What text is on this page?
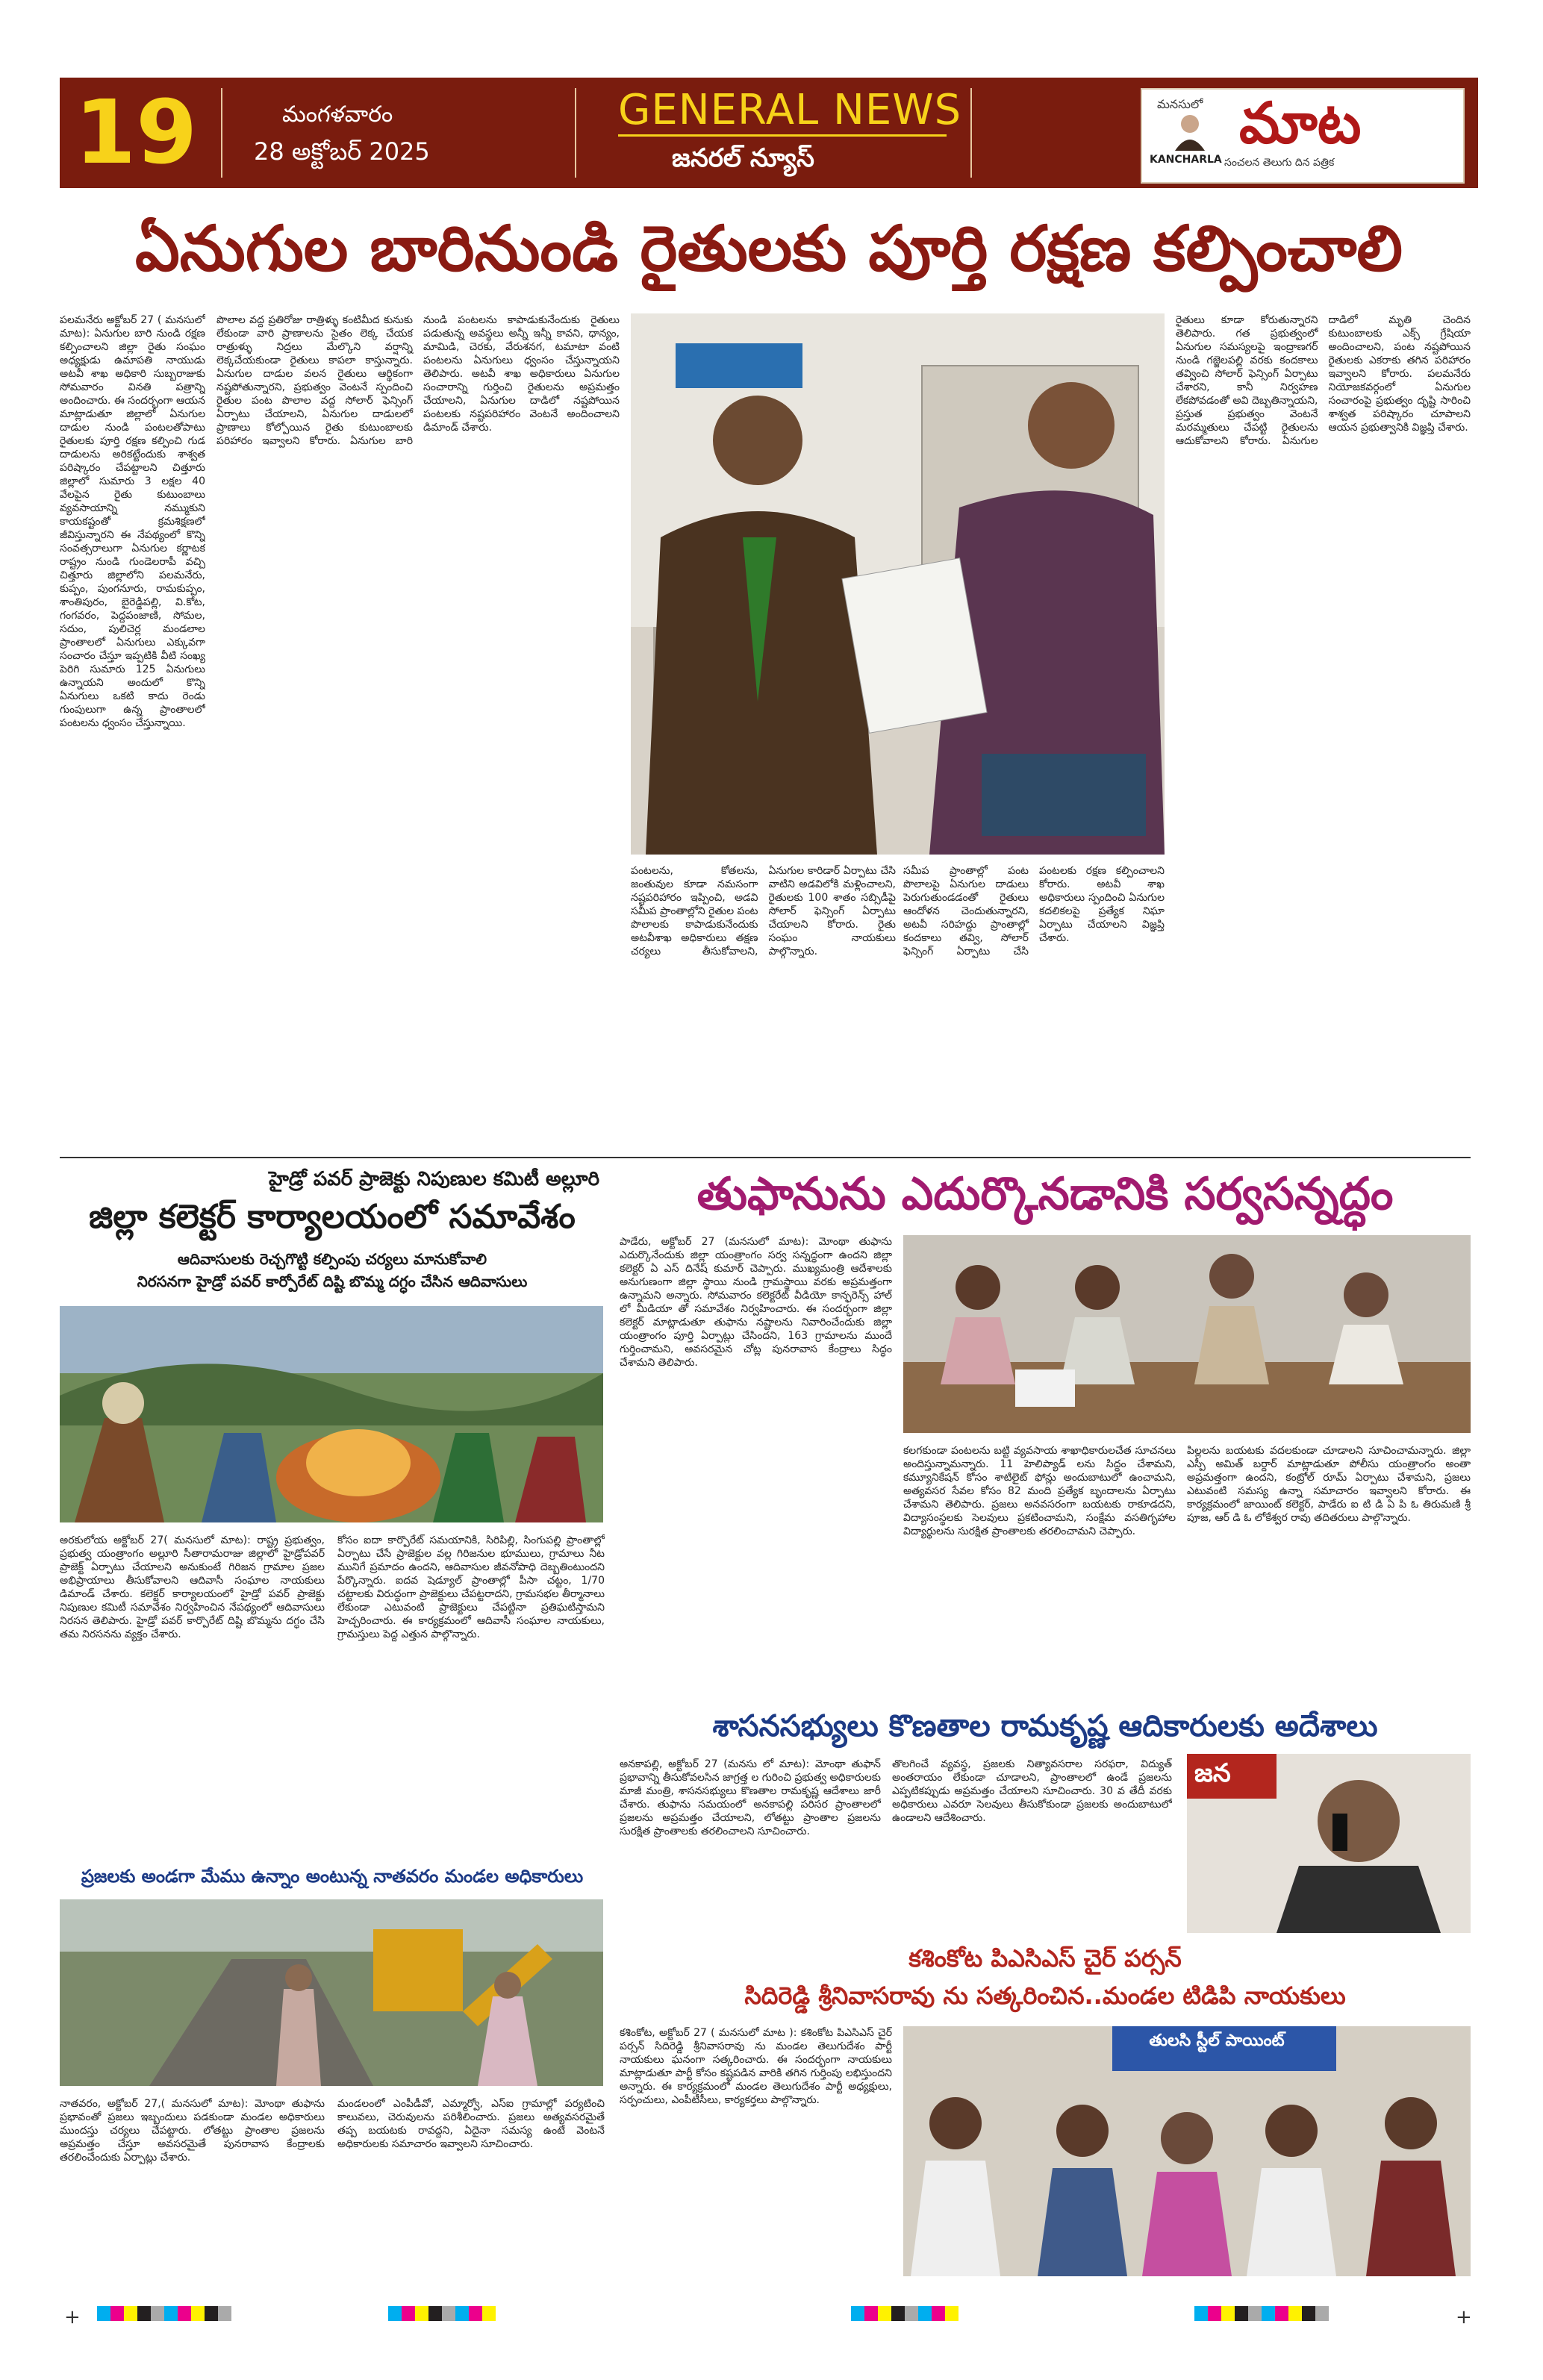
19	మంగళవారం
28 అక్టోబర్ 2025
GENERAL NEWS
జనరల్ న్యూస్
మనసులో మాట
KANCHARLA సంచలన తెలుగు దిన పత్రిక
ఏనుగుల బారినుండి రైతులకు పూర్తి రక్షణ కల్పించాలి
పలమనేరు అక్టోబర్ 27 ( మనసులో మాట): ఏనుగుల బారి నుండి రక్షణ కల్పించాలని జిల్లా రైతు సంఘం అధ్యక్షుడు ఉమాపతి నాయుడు అటవీ శాఖ అధికారి సుబ్బరాజుకు సోమవారం వినతి పత్రాన్ని అందించారు. ఈ సందర్భంగా ఆయన మాట్లాడుతూ జిల్లాలో ఏనుగుల దాడుల నుండి పంటలతోపాటు రైతులకు పూర్తి రక్షణ కల్పించి గుడ దాడులను అరికట్టేందుకు శాశ్వత పరిష్కారం చేపట్టాలని చిత్తూరు జిల్లాలో సుమారు 3 లక్షల 40 వేలపైన రైతు కుటుంబాలు వ్యవసాయాన్ని నమ్ముకుని కాయకష్టంతో క్రమశిక్షణలో జీవిస్తున్నారని ఈ నేపథ్యంలో కొన్ని సంవత్సరాలుగా ఏనుగుల కర్ణాటక రాష్ట్రం నుండి గుండెలరాపీ వచ్చి చిత్తూరు జిల్లాలోని పలమనేరు, కుప్పం, పుంగనూరు, రామకుప్పం, శాంతిపురం, బైరెడ్డిపల్లి, వి.కోట, గంగవరం, పెద్దపంజాణి, సోమల, సదుం, పులిచెర్ల మండలాల ప్రాంతాలలో ఏనుగులు ఎక్కువగా సంచారం చేస్తూ ఇప్పటికి వీటి సంఖ్య పెరిగి సుమారు 125 ఏనుగులు ఉన్నాయని అందులో కొన్ని ఏనుగులు ఒకటి కాదు రెండు గుంపులుగా ఉన్న ప్రాంతాలలో పంటలను ధ్వంసం చేస్తున్నాయి.
పొలాల వద్ద ప్రతిరోజు రాత్రిళ్ళు కంటిమీద కునుకు లేకుండా వారి ప్రాణాలను సైతం లెక్క చేయక రాత్రుళ్ళు నిద్రలు మేల్కొని వర్షాన్ని లెక్కచేయకుండా రైతులు కాపలా కాస్తున్నారు. ఏనుగుల దాడుల వలన రైతులు ఆర్థికంగా నష్టపోతున్నారని, ప్రభుత్వం వెంటనే స్పందించి రైతుల పంట పొలాల వద్ద సోలార్ ఫెన్సింగ్ ఏర్పాటు చేయాలని, ఏనుగుల దాడులలో ప్రాణాలు కోల్పోయిన రైతు కుటుంబాలకు పరిహారం ఇవ్వాలని కోరారు. ఏనుగుల బారి నుండి పంటలను కాపాడుకునేందుకు రైతులు పడుతున్న అవస్థలు అన్నీ ఇన్నీ కావని, ధాన్యం, మామిడి, చెరకు, వేరుశనగ, టమాటా వంటి పంటలను ఏనుగులు ధ్వంసం చేస్తున్నాయని తెలిపారు. అటవీ శాఖ అధికారులు ఏనుగుల సంచారాన్ని గుర్తించి రైతులను అప్రమత్తం చేయాలని, ఏనుగుల దాడిలో నష్టపోయిన పంటలకు నష్టపరిహారం వెంటనే అందించాలని డిమాండ్ చేశారు.
పంటలను, కోతలను, జంతువుల కూడా నమసంగా నష్టపరిహారం ఇప్పించి, అడవి సమీప ప్రాంతాల్లోని రైతుల పంట పొలాలకు కాపాడుకునేందుకు అటవీశాఖ అధికారులు తక్షణ చర్యలు తీసుకోవాలని, ఏనుగుల కారిడార్ ఏర్పాటు చేసి వాటిని అడవిలోకి మళ్లించాలని, రైతులకు 100 శాతం సబ్సిడీపై సోలార్ ఫెన్సింగ్ ఏర్పాటు చేయాలని కోరారు. రైతు సంఘం నాయకులు పాల్గొన్నారు.
సమీప ప్రాంతాల్లో పంట పొలాలపై ఏనుగుల దాడులు పెరుగుతుండడంతో రైతులు ఆందోళన చెందుతున్నారని, అటవీ సరిహద్దు ప్రాంతాల్లో కందకాలు తవ్వి, సోలార్ ఫెన్సింగ్ ఏర్పాటు చేసి పంటలకు రక్షణ కల్పించాలని కోరారు. అటవీ శాఖ అధికారులు స్పందించి ఏనుగుల కదలికలపై ప్రత్యేక నిఘా ఏర్పాటు చేయాలని విజ్ఞప్తి చేశారు.
రైతులు కూడా కోరుతున్నారని తెలిపారు. గత ప్రభుత్వంలో ఏనుగుల సమస్యలపై ఇంద్రాణగర్ నుండి గజ్జెలపల్లి వరకు కందకాలు తవ్వించి సోలార్ ఫెన్సింగ్ ఏర్పాటు చేశారని, కానీ నిర్వహణ లేకపోవడంతో అవి దెబ్బతిన్నాయని, ప్రస్తుత ప్రభుత్వం వెంటనే మరమ్మతులు చేపట్టి రైతులను ఆదుకోవాలని కోరారు. ఏనుగుల దాడిలో మృతి చెందిన కుటుంబాలకు ఎక్స్ గ్రేషియా అందించాలని, పంట నష్టపోయిన రైతులకు ఎకరాకు తగిన పరిహారం ఇవ్వాలని కోరారు. పలమనేరు నియోజకవర్గంలో ఏనుగుల సంచారంపై ప్రభుత్వం దృష్టి సారించి శాశ్వత పరిష్కారం చూపాలని ఆయన ప్రభుత్వానికి విజ్ఞప్తి చేశారు.
హైడ్రో పవర్ ప్రాజెక్టు నిపుణుల కమిటీ అల్లూరి
జిల్లా కలెక్టర్ కార్యాలయంలో సమావేశం
ఆదివాసులకు రెచ్చగొట్టి కల్పింపు చర్యలు మానుకోవాలి
నిరసనగా హైడ్రో పవర్ కార్పోరేట్ దిష్టి బొమ్మ దగ్ధం చేసిన ఆదివాసులు
అరకులోయ అక్టోబర్ 27( మనసులో మాట): రాష్ట్ర ప్రభుత్వం, ప్రభుత్వ యంత్రాంగం అల్లూరి సీతారామరాజు జిల్లాలో హైడ్రోపవర్ ప్రాజెక్ట్ ఏర్పాటు చేయాలని అనుకుంటే గిరిజన గ్రామాల ప్రజల అభిప్రాయాలు తీసుకోవాలని ఆదివాసీ సంఘాల నాయకులు డిమాండ్ చేశారు. కలెక్టర్ కార్యాలయంలో హైడ్రో పవర్ ప్రాజెక్టు నిపుణుల కమిటీ సమావేశం నిర్వహించిన నేపథ్యంలో ఆదివాసులు నిరసన తెలిపారు. హైడ్రో పవర్ కార్పొరేట్ దిష్టి బొమ్మను దగ్ధం చేసి తమ నిరసనను వ్యక్తం చేశారు.
కోసం ఐదా కార్పొరేట్ సమయానికి, సిరిపిల్లి, సింగుపల్లి ప్రాంతాల్లో ఏర్పాటు చేసే ప్రాజెక్టుల వల్ల గిరిజనుల భూములు, గ్రామాలు నీట మునిగే ప్రమాదం ఉందని, ఆదివాసుల జీవనోపాధి దెబ్బతింటుందని పేర్కొన్నారు. ఐదవ షెడ్యూల్ ప్రాంతాల్లో పీసా చట్టం, 1/70 చట్టాలకు విరుద్ధంగా ప్రాజెక్టులు చేపట్టరాదని, గ్రామసభల తీర్మానాలు లేకుండా ఎటువంటి ప్రాజెక్టులు చేపట్టినా ప్రతిఘటిస్తామని హెచ్చరించారు. ఈ కార్యక్రమంలో ఆదివాసీ సంఘాల నాయకులు, గ్రామస్తులు పెద్ద ఎత్తున పాల్గొన్నారు.
ప్రజలకు అండగా మేము ఉన్నాం అంటున్న నాతవరం మండల అధికారులు
నాతవరం, అక్టోబర్ 27,( మనసులో మాట): మోంథా తుఫాను ప్రభావంతో ప్రజలు ఇబ్బందులు పడకుండా మండల అధికారులు ముందస్తు చర్యలు చేపట్టారు. లోతట్టు ప్రాంతాల ప్రజలను అప్రమత్తం చేస్తూ అవసరమైతే పునరావాస కేంద్రాలకు తరలించేందుకు ఏర్పాట్లు చేశారు.
మండలంలో ఎంపీడీవో, ఎమ్మార్వో, ఎస్ఐ గ్రామాల్లో పర్యటించి కాలువలు, చెరువులను పరిశీలించారు. ప్రజలు అత్యవసరమైతే తప్ప బయటకు రావద్దని, ఏదైనా సమస్య ఉంటే వెంటనే అధికారులకు సమాచారం ఇవ్వాలని సూచించారు.
తుఫానును ఎదుర్కొనడానికి సర్వసన్నద్ధం
పాడేరు, అక్టోబర్ 27 (మనసులో మాట): మోంథా తుఫాను ఎదుర్కొనేందుకు జిల్లా యంత్రాంగం సర్వ సన్నద్ధంగా ఉందని జిల్లా కలెక్టర్ ఏ ఎస్ దినేష్ కుమార్ చెప్పారు. ముఖ్యమంత్రి ఆదేశాలకు అనుగుణంగా జిల్లా స్థాయి నుండి గ్రామస్థాయి వరకు అప్రమత్తంగా ఉన్నామని అన్నారు. సోమవారం కలెక్టరేట్ వీడియో కాన్ఫరెన్స్ హాల్ లో మీడియా తో సమావేశం నిర్వహించారు. ఈ సందర్భంగా జిల్లా కలెక్టర్ మాట్లాడుతూ తుఫాను నష్టాలను నివారించేందుకు జిల్లా యంత్రాంగం పూర్తి ఏర్పాట్లు చేసిందని, 163 గ్రామాలను ముందే గుర్తించామని, అవసరమైన చోట్ల పునరావాస కేంద్రాలు సిద్ధం చేశామని తెలిపారు.
కలగకుండా పంటలను బట్టి వ్యవసాయ శాఖాధికారులచేత సూచనలు అందిస్తున్నామన్నారు. 11 హెలిప్యాడ్ లను సిద్ధం చేశామని, కమ్యూనికేషన్ కోసం శాటిలైట్ ఫోన్లు అందుబాటులో ఉంచామని, అత్యవసర సేవల కోసం 82 మంది ప్రత్యేక బృందాలను ఏర్పాటు చేశామని తెలిపారు. ప్రజలు అనవసరంగా బయటకు రాకూడదని, విద్యాసంస్థలకు సెలవులు ప్రకటించామని, సంక్షేమ వసతిగృహాల విద్యార్థులను సురక్షిత ప్రాంతాలకు తరలించామని చెప్పారు.
పిల్లలను బయటకు వదలకుండా చూడాలని సూచించామన్నారు. జిల్లా ఎస్పీ అమిత్ బర్దార్ మాట్లాడుతూ పోలీసు యంత్రాంగం అంతా అప్రమత్తంగా ఉందని, కంట్రోల్ రూమ్ ఏర్పాటు చేశామని, ప్రజలు ఎటువంటి సమస్య ఉన్నా సమాచారం ఇవ్వాలని కోరారు. ఈ కార్యక్రమంలో జాయింట్ కలెక్టర్, పాడేరు ఐ టి డి ఏ పి ఓ తిరుమణి శ్రీ పూజ, ఆర్ డి ఓ లోకేశ్వర రావు తదితరులు పాల్గొన్నారు.
శాసనసభ్యులు కొణతాల రామకృష్ణ ఆదికారులకు అదేశాలు
అనకాపల్లి, అక్టోబర్ 27 (మనసు లో మాట): మోంథా తుఫాన్ ప్రభావాన్ని తీసుకోవలసిన జాగ్రత్త ల గురించి ప్రభుత్వ అధికారులకు మాజీ మంత్రి, శాసనసభ్యులు కొణతాల రామకృష్ణ ఆదేశాలు జారీ చేశారు. తుఫాను సమయంలో అనకాపల్లి పరిసర ప్రాంతాలలో ప్రజలను అప్రమత్తం చేయాలని, లోతట్టు ప్రాంతాల ప్రజలను సురక్షిత ప్రాంతాలకు తరలించాలని సూచించారు.
తొలగించే వ్యవస్థ, ప్రజలకు నిత్యావసరాల సరఫరా, విద్యుత్ అంతరాయం లేకుండా చూడాలని, ప్రాంతాలలో ఉండే ప్రజలను ఎప్పటికప్పుడు అప్రమత్తం చేయాలని సూచించారు. 30 వ తేదీ వరకు అధికారులు ఎవరూ సెలవులు తీసుకోకుండా ప్రజలకు అందుబాటులో ఉండాలని ఆదేశించారు.
జన
కశింకోట పిఎసిఎస్ చైర్ పర్సన్
సిదిరెడ్డి శ్రీనివాసరావు ను సత్కరించిన..మండల టిడిపి నాయకులు
కశింకోట, అక్టోబర్ 27 ( మనసులో మాట ): కశింకోట పిఎసిఎస్ చైర్ పర్సన్ సిదిరెడ్డి శ్రీనివాసరావు ను మండల తెలుగుదేశం పార్టీ నాయకులు ఘనంగా సత్కరించారు. ఈ సందర్భంగా నాయకులు మాట్లాడుతూ పార్టీ కోసం కష్టపడిన వారికి తగిన గుర్తింపు లభిస్తుందని అన్నారు. ఈ కార్యక్రమంలో మండల తెలుగుదేశం పార్టీ అధ్యక్షులు, సర్పంచులు, ఎంపీటీసీలు, కార్యకర్తలు పాల్గొన్నారు.
తులసి స్టీల్ పాయింట్
+	+
